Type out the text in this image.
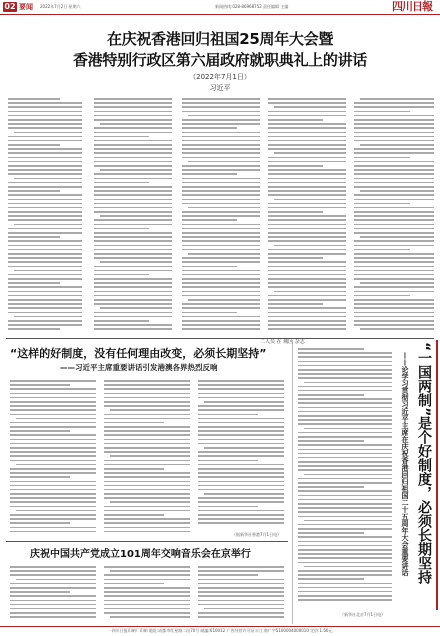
02 要闻 2022年7月2日 星期六	新闻热线:028-86968752 责任编辑 主编	四川日報
在庆祝香港回归祖国25周年大会暨
香港特别行政区第六届政府就职典礼上的讲话
（2022年7月1日）
习近平
“这样的好制度，没有任何理由改变，必须长期坚持”
——习近平主席重要讲话引发港澳各界热烈反响
（据新华社香港7月1日电）
庆祝中国共产党成立101周年交响音乐会在京举行
二人员 在 城区 杂志
——论学习贯彻习近平主席在庆祝香港回归祖国二十五周年大会重要讲话 “一国两制”是个好制度，必须长期坚持
（新华社北京7月1日电）
一四川日报印刷厂印刷 地址:成都市红星路二段70号 邮编:610012 广告经营许可证:川工商广字5100004000010 定价:1.50元
